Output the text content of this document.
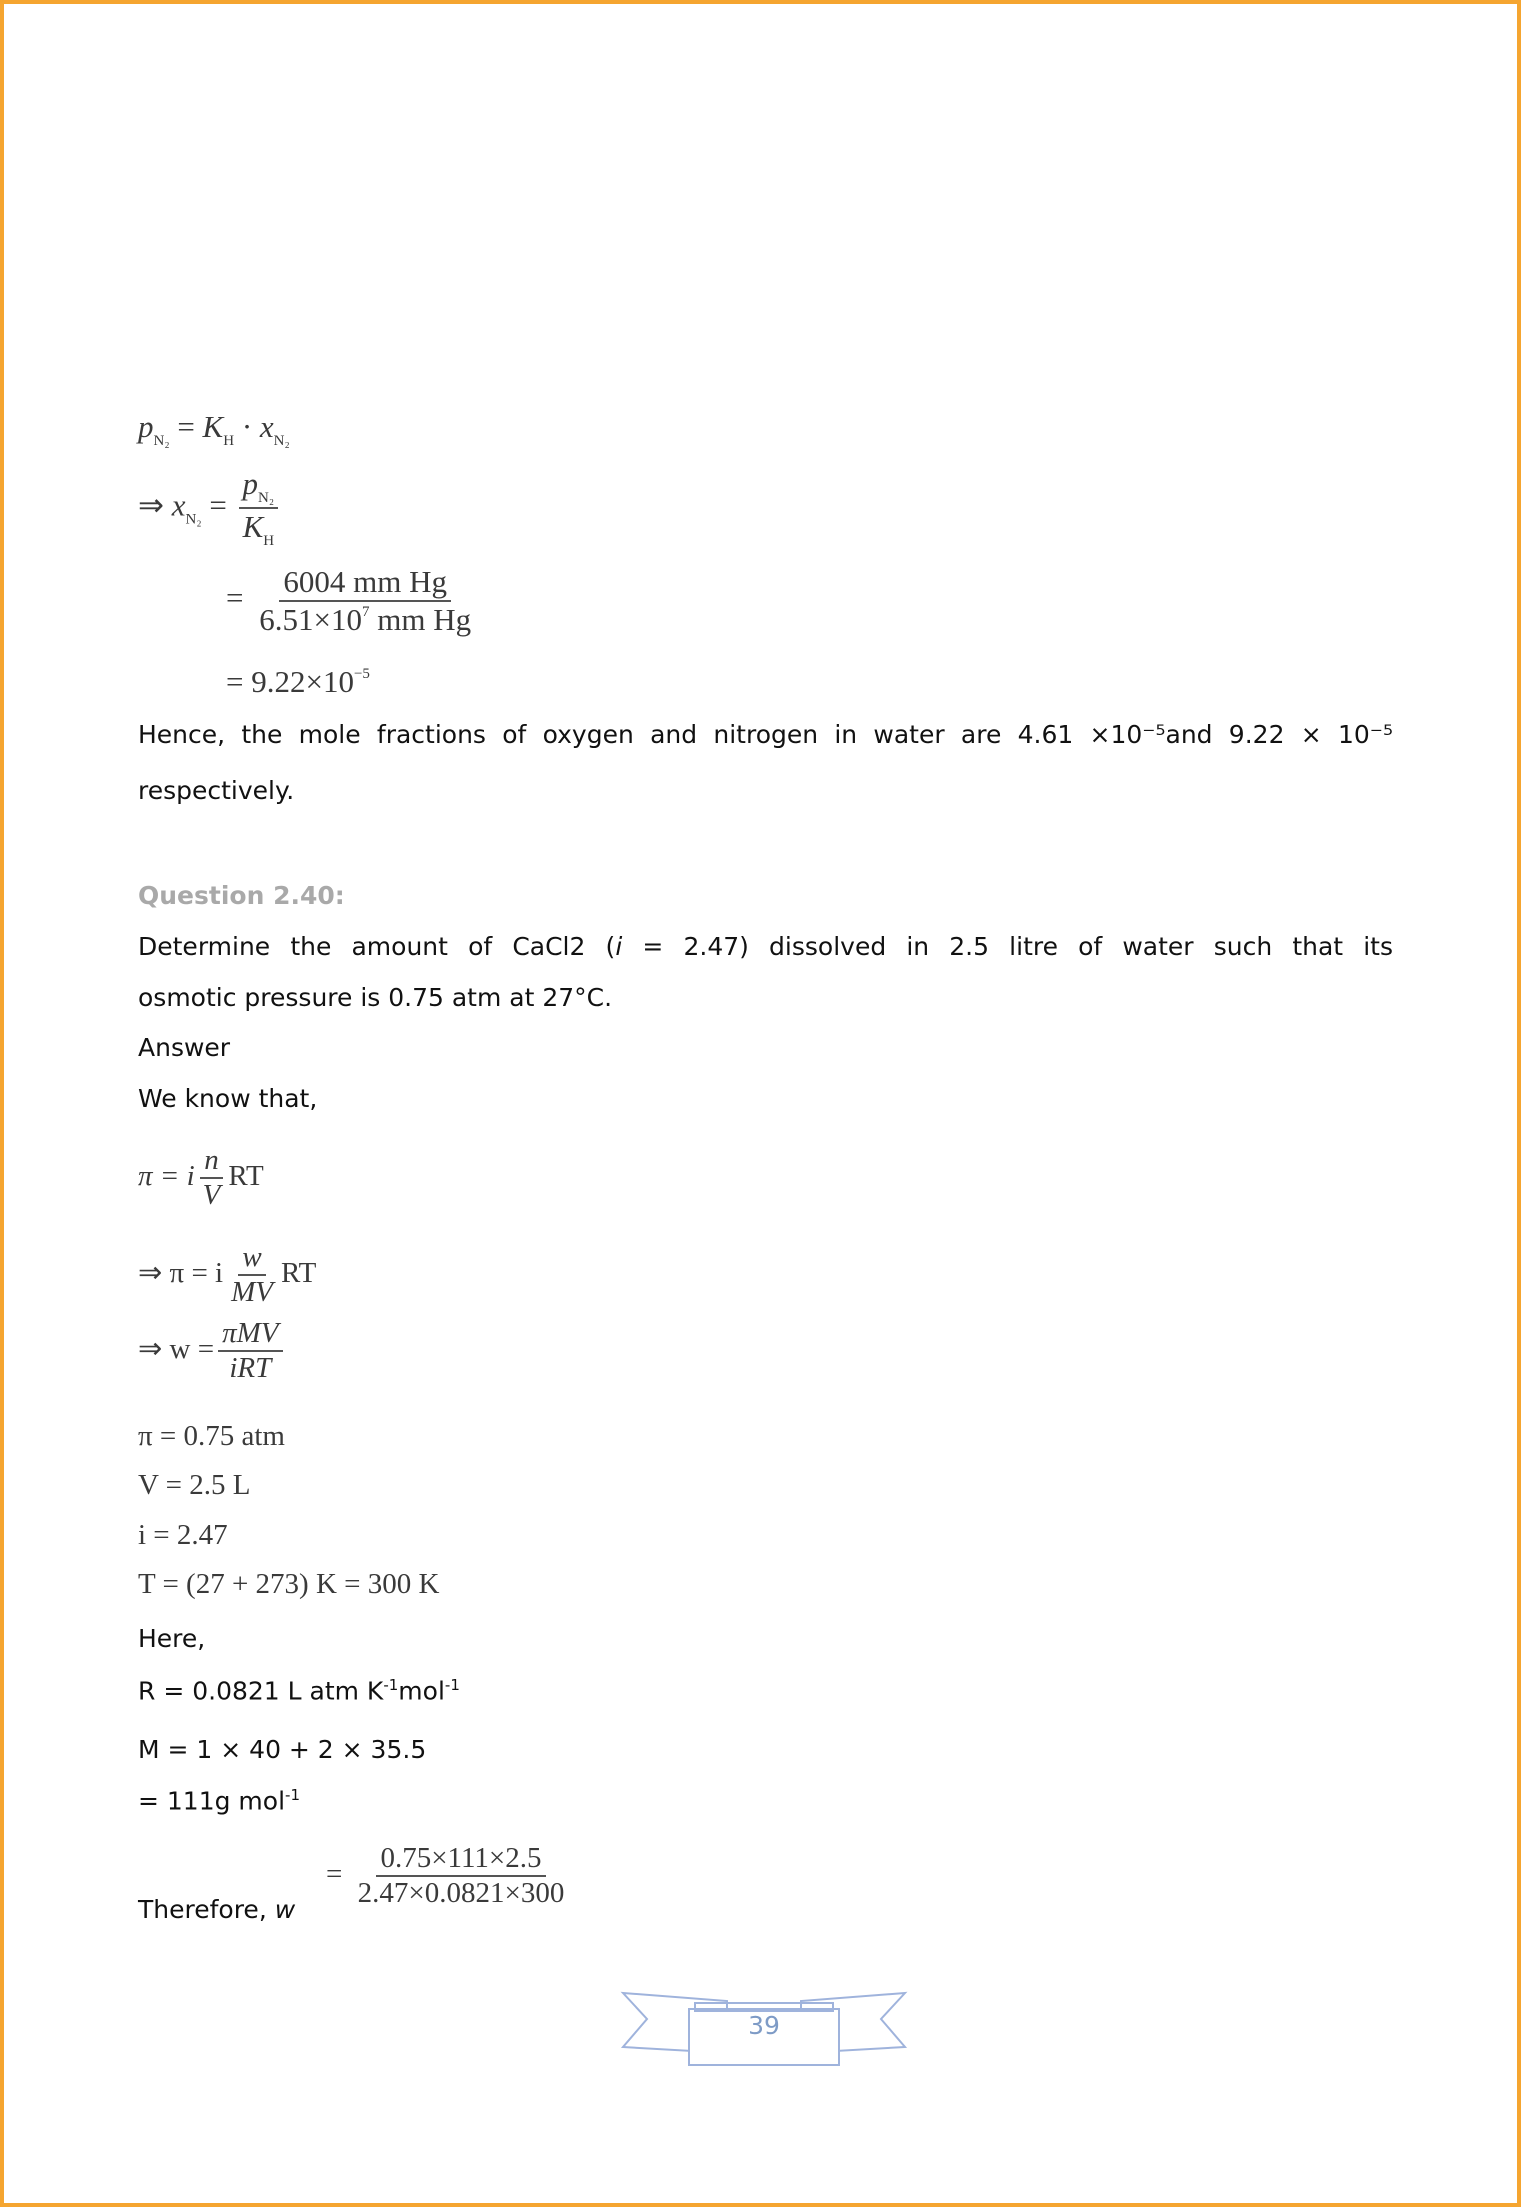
$p_{N_2} = K_H \cdot x_{N_2}$
⇒ $x_{N_2} = \frac{p_{N_2}}{K_H}$
= $\frac{\text{6004 mm Hg}}{6.51\times 10^7 mm Hg}$
= $9.22\times 10^{-5}$
Hence, the mole fractions of oxygen and nitrogen in water are 4.61 ×10⁻⁵and 9.22 × 10⁻⁵
respectively.
Question 2.40:
Determine the amount of CaCl2 (i = 2.47) dissolved in 2.5 litre of water such that its
osmotic pressure is 0.75 atm at 27°C.
Answer
We know that,
π = i $\frac{n}{V}$ RT
⇒ π = i $\frac{w}{MV}$ RT
⇒ $w = \frac{\text{πMV}}{\text{iRT}}$
π = 0.75 atm
V = 2.5 L
i = 2.47
T = (27 + 273) K = 300 K
Here,
R = 0.0821 L atm $K^{-1}mol^{-1}$
M = 1 × 40 + 2 × 35.5
= 111g mol$^{-1}$
Therefore, w
= $\frac{0.75\times 111\times 2.5}{2.47\times 0.0821\times 300}$
39
